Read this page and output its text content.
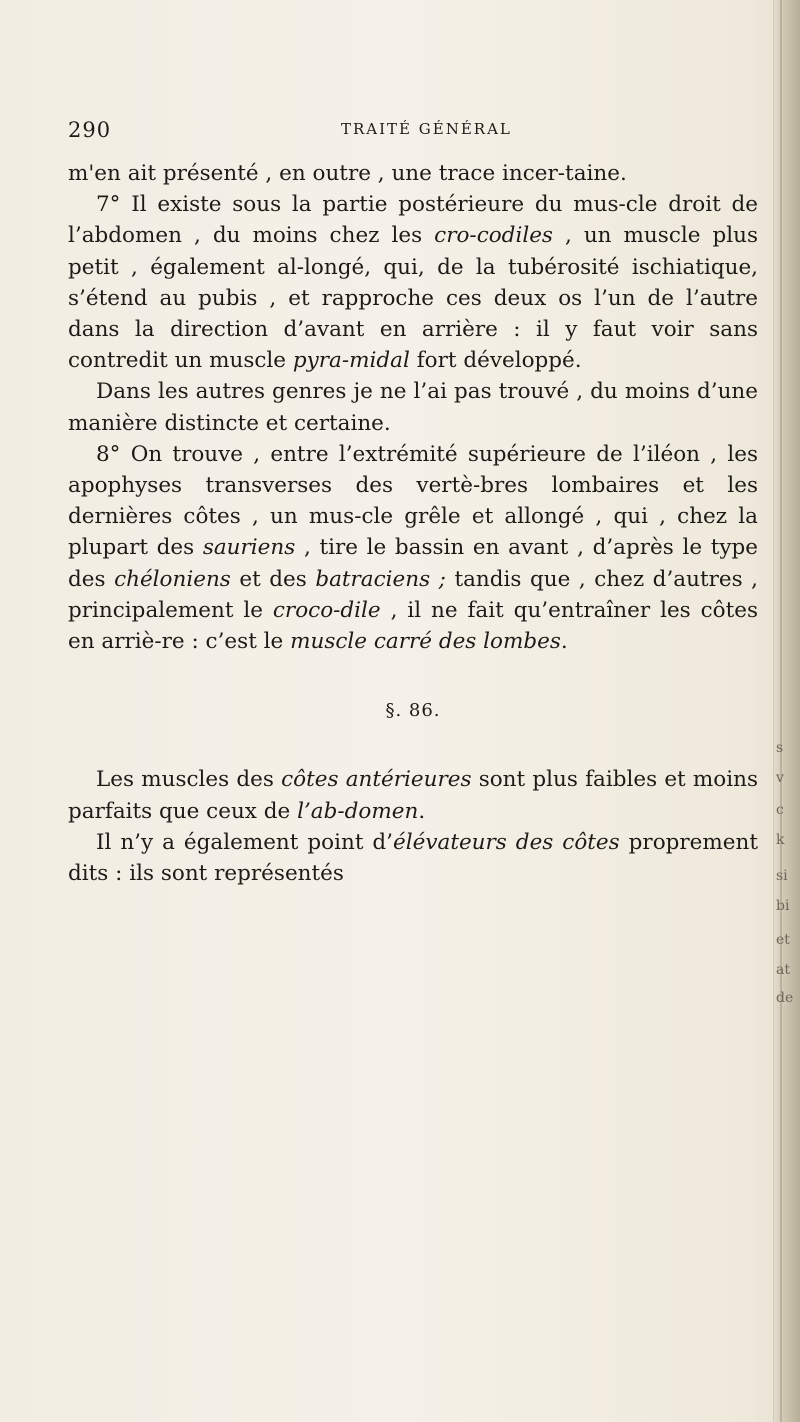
s
v
c
k
si
bi
et
at
de
290	TRAITÉ GÉNÉRAL

m'en ait présenté , en outre , une trace incer-taine.

7° Il existe sous la partie postérieure du mus-cle droit de l’abdomen , du moins chez les cro-codiles , un muscle plus petit , également al-longé, qui, de la tubérosité ischiatique, s’étend au pubis , et rapproche ces deux os l’un de l’autre dans la direction d’avant en arrière : il y faut voir sans contredit un muscle pyra-midal fort développé.

Dans les autres genres je ne l’ai pas trouvé , du moins d’une manière distincte et certaine.

8° On trouve , entre l’extrémité supérieure de l’iléon , les apophyses transverses des vertè-bres lombaires et les dernières côtes , un mus-cle grêle et allongé , qui , chez la plupart des sauriens , tire le bassin en avant , d’après le type des chéloniens et des batraciens ; tandis que , chez d’autres , principalement le croco-dile , il ne fait qu’entraîner les côtes en arriè-re : c’est le muscle carré des lombes.

§. 86.

Les muscles des côtes antérieures sont plus faibles et moins parfaits que ceux de l’ab-domen.

Il n’y a également point d’élévateurs des côtes proprement dits : ils sont représentés
